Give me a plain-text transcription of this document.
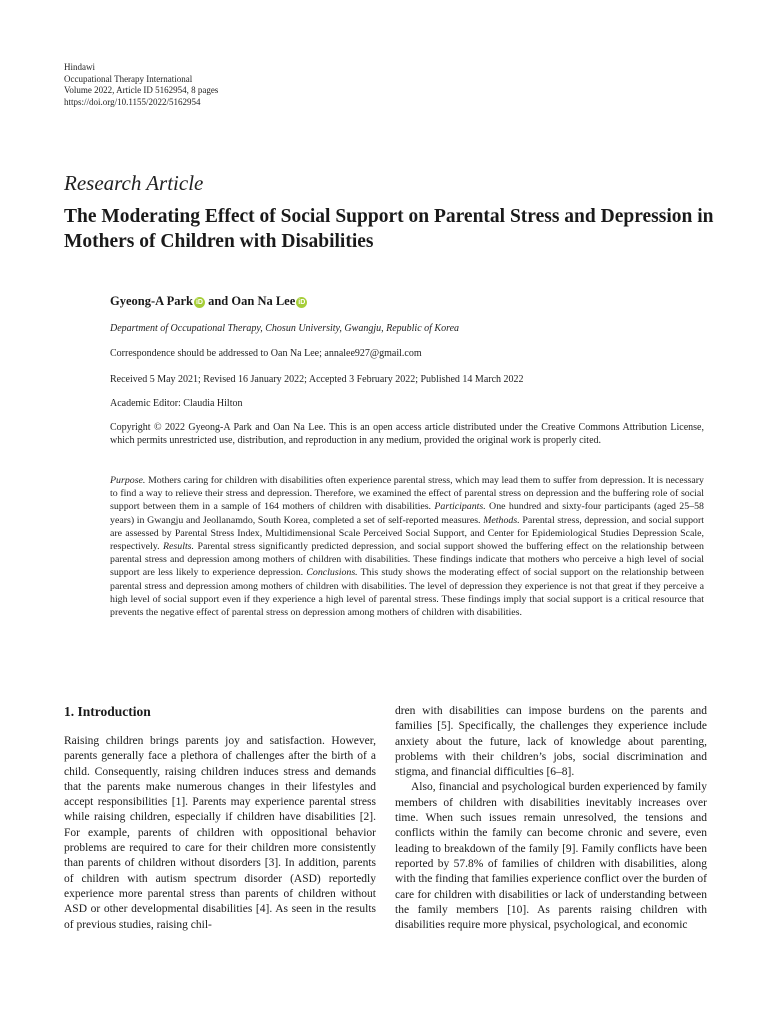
Hindawi
Occupational Therapy International
Volume 2022, Article ID 5162954, 8 pages
https://doi.org/10.1155/2022/5162954
Research Article
The Moderating Effect of Social Support on Parental Stress and Depression in Mothers of Children with Disabilities
Gyeong-A Park iD and Oan Na Lee iD
Department of Occupational Therapy, Chosun University, Gwangju, Republic of Korea
Correspondence should be addressed to Oan Na Lee; annalee927@gmail.com
Received 5 May 2021; Revised 16 January 2022; Accepted 3 February 2022; Published 14 March 2022
Academic Editor: Claudia Hilton
Copyright © 2022 Gyeong-A Park and Oan Na Lee. This is an open access article distributed under the Creative Commons Attribution License, which permits unrestricted use, distribution, and reproduction in any medium, provided the original work is properly cited.
Purpose. Mothers caring for children with disabilities often experience parental stress, which may lead them to suffer from depression. It is necessary to find a way to relieve their stress and depression. Therefore, we examined the effect of parental stress on depression and the buffering role of social support between them in a sample of 164 mothers of children with disabilities. Participants. One hundred and sixty-four participants (aged 25–58 years) in Gwangju and Jeollanamdo, South Korea, completed a set of self-reported measures. Methods. Parental stress, depression, and social support are assessed by Parental Stress Index, Multidimensional Scale Perceived Social Support, and Center for Epidemiological Studies Depression Scale, respectively. Results. Parental stress significantly predicted depression, and social support showed the buffering effect on the relationship between parental stress and depression among mothers of children with disabilities. These findings indicate that mothers who perceive a high level of social support are less likely to experience depression. Conclusions. This study shows the moderating effect of social support on the relationship between parental stress and depression among mothers of children with disabilities. The level of depression they experience is not that great if they perceive a high level of social support even if they experience a high level of parental stress. These findings imply that social support is a critical resource that prevents the negative effect of parental stress on depression among mothers of children with disabilities.
1. Introduction

Raising children brings parents joy and satisfaction. However, parents generally face a plethora of challenges after the birth of a child. Consequently, raising children induces stress and demands that the parents make numerous changes in their lifestyles and accept responsibilities [1]. Parents may experience parental stress while raising children, especially if children have disabilities [2]. For example, parents of children with oppositional behavior problems are required to care for their children more consistently than parents of children without disorders [3]. In addition, parents of children with autism spectrum disorder (ASD) reportedly experience more parental stress than parents of children without ASD or other developmental disabilities [4]. As seen in the results of previous studies, raising chil-

dren with disabilities can impose burdens on the parents and families [5]. Specifically, the challenges they experience include anxiety about the future, lack of knowledge about parenting, problems with their children’s jobs, social discrimination and stigma, and financial difficulties [6–8].

Also, financial and psychological burden experienced by family members of children with disabilities inevitably increases over time. When such issues remain unresolved, the tensions and conflicts within the family can become chronic and severe, even leading to breakdown of the family [9]. Family conflicts have been reported by 57.8% of families of children with disabilities, along with the finding that families experience conflict over the burden of care for children with disabilities or lack of understanding between the family members [10]. As parents raising children with disabilities require more physical, psychological, and economic
